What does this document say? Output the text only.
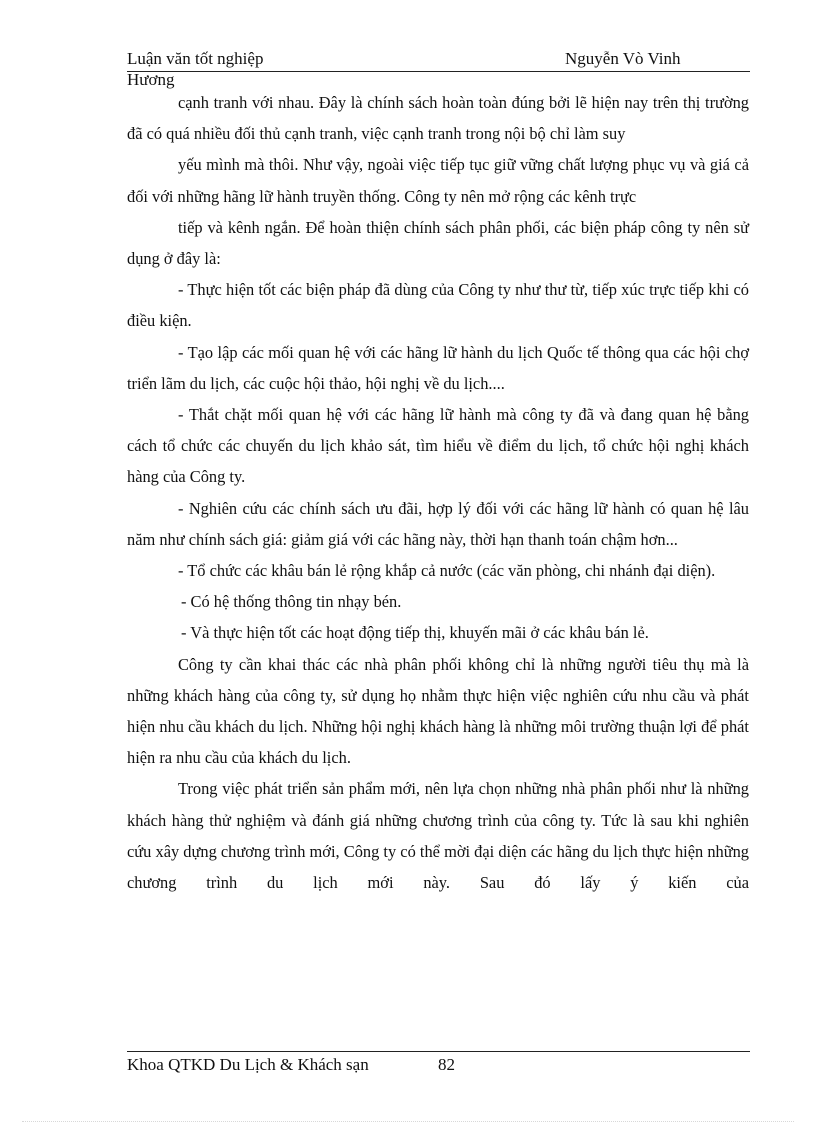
Luận văn tốt nghiệp	Nguyễn Vò Vinh
Hương

cạnh tranh với nhau. Đây là chính sách hoàn toàn đúng bởi lẽ hiện nay trên thị trường đã có quá nhiều đối thủ cạnh tranh, việc cạnh tranh trong nội bộ chỉ làm suy

yếu mình mà thôi. Như vậy, ngoài việc tiếp tục giữ vững chất lượng phục vụ và giá cả đối với những hãng lữ hành truyền thống. Công ty nên mở rộng các kênh trực

tiếp và kênh ngắn. Để hoàn thiện chính sách phân phối, các biện pháp công ty nên sử dụng ở đây là:

- Thực hiện tốt các biện pháp đã dùng của Công ty như thư từ, tiếp xúc trực tiếp khi có điều kiện.

- Tạo lập các mối quan hệ với các hãng lữ hành du lịch Quốc tế thông qua các hội chợ triển lãm du lịch, các cuộc hội thảo, hội nghị về du lịch....

- Thắt chặt mối quan hệ với các hãng lữ hành mà công ty đã và đang quan hệ bằng cách tổ chức các chuyến du lịch khảo sát, tìm hiểu về điểm du lịch, tổ chức hội nghị khách hàng của Công ty.

- Nghiên cứu các chính sách ưu đãi, hợp lý đối với các hãng lữ hành có quan hệ lâu năm như chính sách giá: giảm giá với các hãng này, thời hạn thanh toán chậm hơn...

- Tổ chức các khâu bán lẻ rộng khắp cả nước (các văn phòng, chi nhánh đại diện).

- Có hệ thống thông tin nhạy bén.

- Và thực hiện tốt các hoạt động tiếp thị, khuyến mãi ở các khâu bán lẻ.

Công ty cần khai thác các nhà phân phối không chỉ là những người tiêu thụ mà là những khách hàng của công ty, sử dụng họ nhằm thực hiện việc nghiên cứu nhu cầu và phát hiện nhu cầu khách du lịch. Những hội nghị khách hàng là những môi trường thuận lợi để phát hiện ra nhu cầu của khách du lịch.

Trong việc phát triển sản phẩm mới, nên lựa chọn những nhà phân phối như là những khách hàng thử nghiệm và đánh giá những chương trình của công ty. Tức là sau khi nghiên cứu xây dựng chương trình mới, Công ty có thể mời đại diện các hãng du lịch thực hiện những chương trình du lịch mới này. Sau đó lấy ý kiến của

Khoa QTKD Du Lịch & Khách sạn	82
